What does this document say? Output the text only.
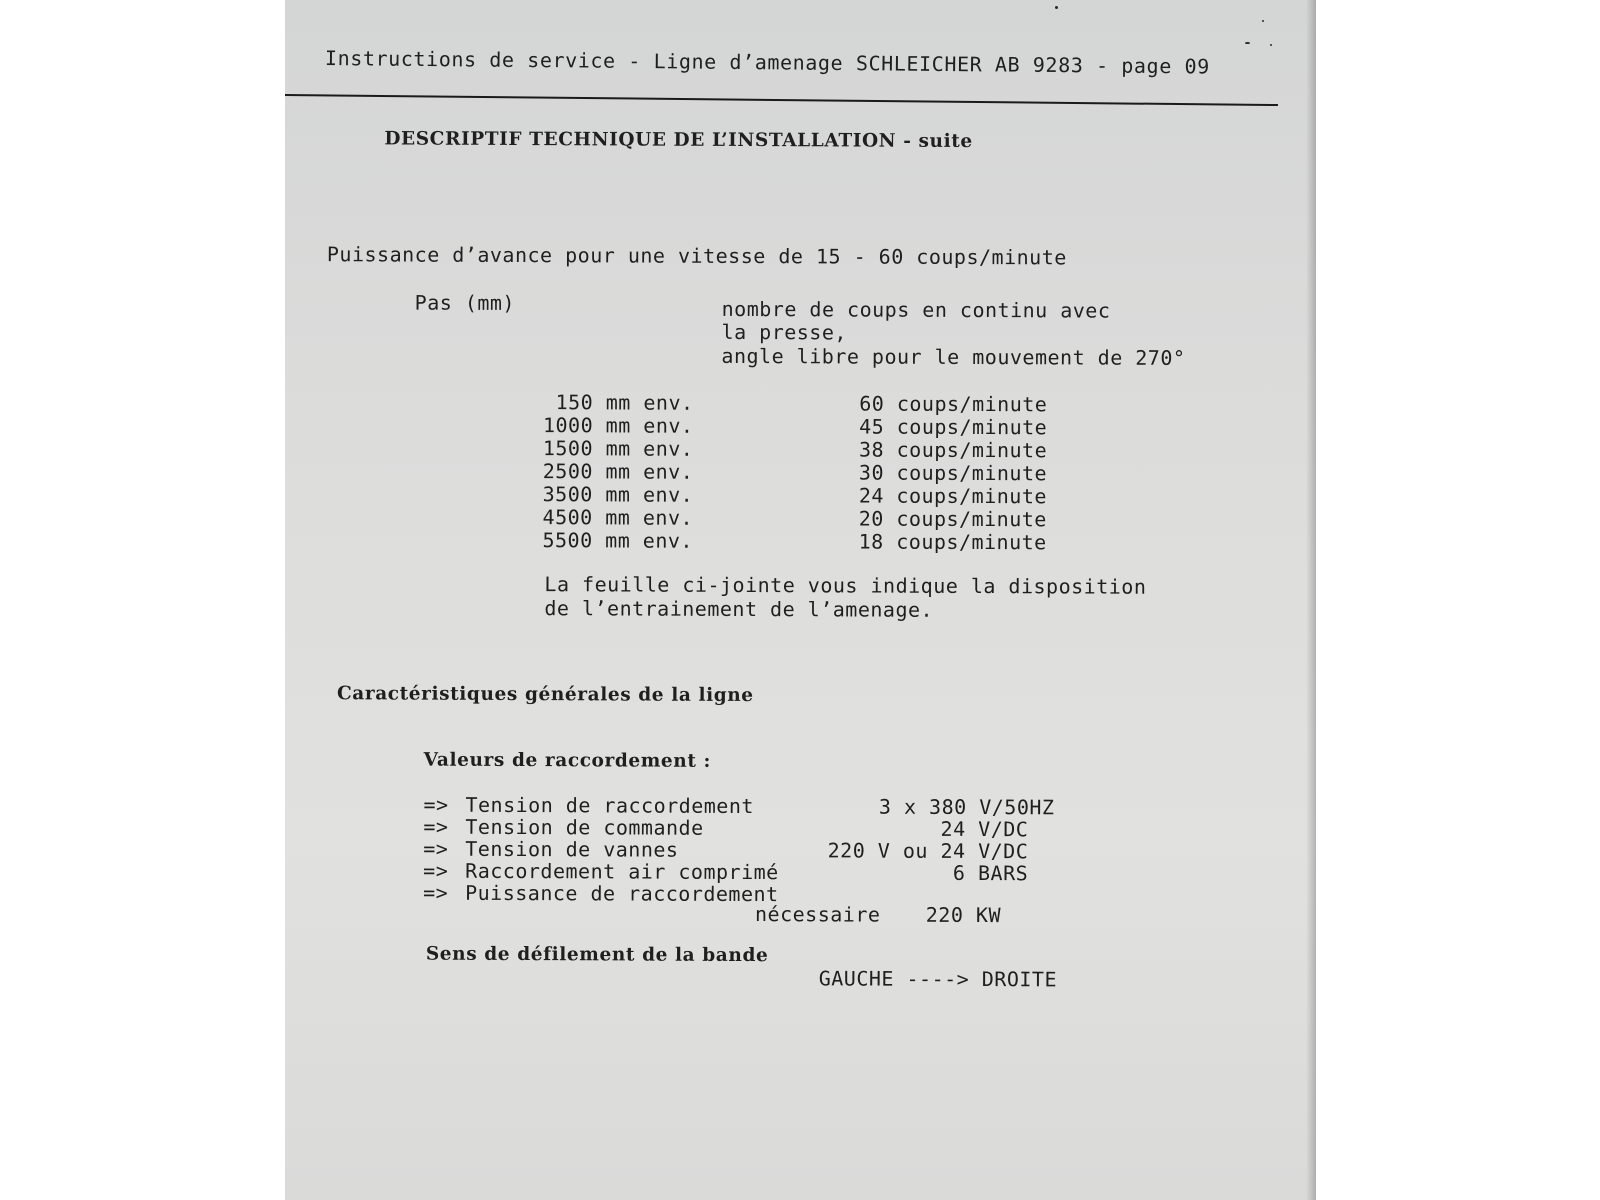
Instructions de service - Ligne d’amenage SCHLEICHER AB 9283 - page 09
DESCRIPTIF TECHNIQUE DE L’INSTALLATION - suite
Puissance d’avance pour une vitesse de 15 - 60 coups/minute
Pas (mm)	nombre de coups en continu avec
la presse,
angle libre pour le mouvement de 270°
150 mm env.	60 coups/minute
1000 mm env.	45 coups/minute
1500 mm env.	38 coups/minute
2500 mm env.	30 coups/minute
3500 mm env.	24 coups/minute
4500 mm env.	20 coups/minute
5500 mm env.	18 coups/minute
La feuille ci-jointe vous indique la disposition
de l’entrainement de l’amenage.
Caractéristiques générales de la ligne
Valeurs de raccordement :
=> Tension de raccordement	3 x 380 V/50HZ
=> Tension de commande	24 V/DC
=> Tension de vannes	220 V ou 24 V/DC
=> Raccordement air comprimé	6 BARS
=> Puissance de raccordement
nécessaire 220 KW
Sens de défilement de la bande
GAUCHE ----> DROITE
